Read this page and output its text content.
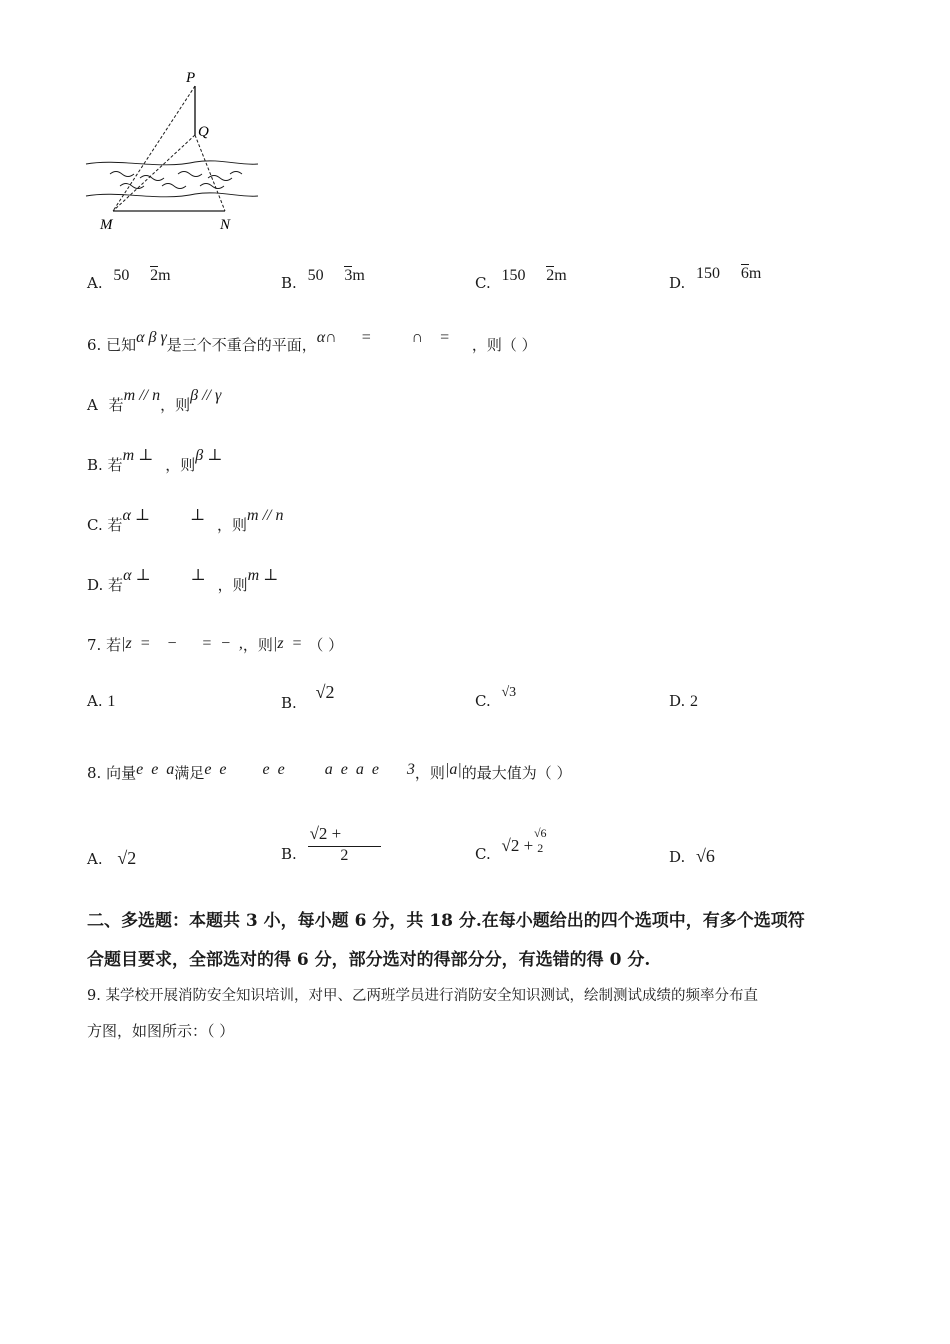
P
Q
M	N
A. 50 2m	B. 50 3m	C. 150 2m	D. 150 6m
6. 已知α β γ是三个不重合的平面，α∩      =          ∩    = ，则（ ）
A 若m // n，则β // γ
B. 若m ⊥，则β ⊥
C. 若α ⊥          ⊥，则m // n
D. 若α ⊥          ⊥，则m ⊥
7. 若|z  =    −      =  −  ,，则|z  = （ ）
A. 1	B. √2	C. √3	D. 2
8. 向量e  e  a满足e  e         e  e          a  e  a  e       3，则|a|的最大值为（ ）
A. √2	B. $\frac{√2 +}{2}$	C. √2 +
√6
2	D. √6
二、多选题：本题共 3 小，每小题 6 分，共 18 分.在每小题给出的四个选项中，有多个选项符
合题目要求，全部选对的得 6 分，部分选对的得部分分，有选错的得 0 分.
9. 某学校开展消防安全知识培训，对甲、乙两班学员进行消防安全知识测试，绘制测试成绩的频率分布直
方图，如图所示：（ ）
